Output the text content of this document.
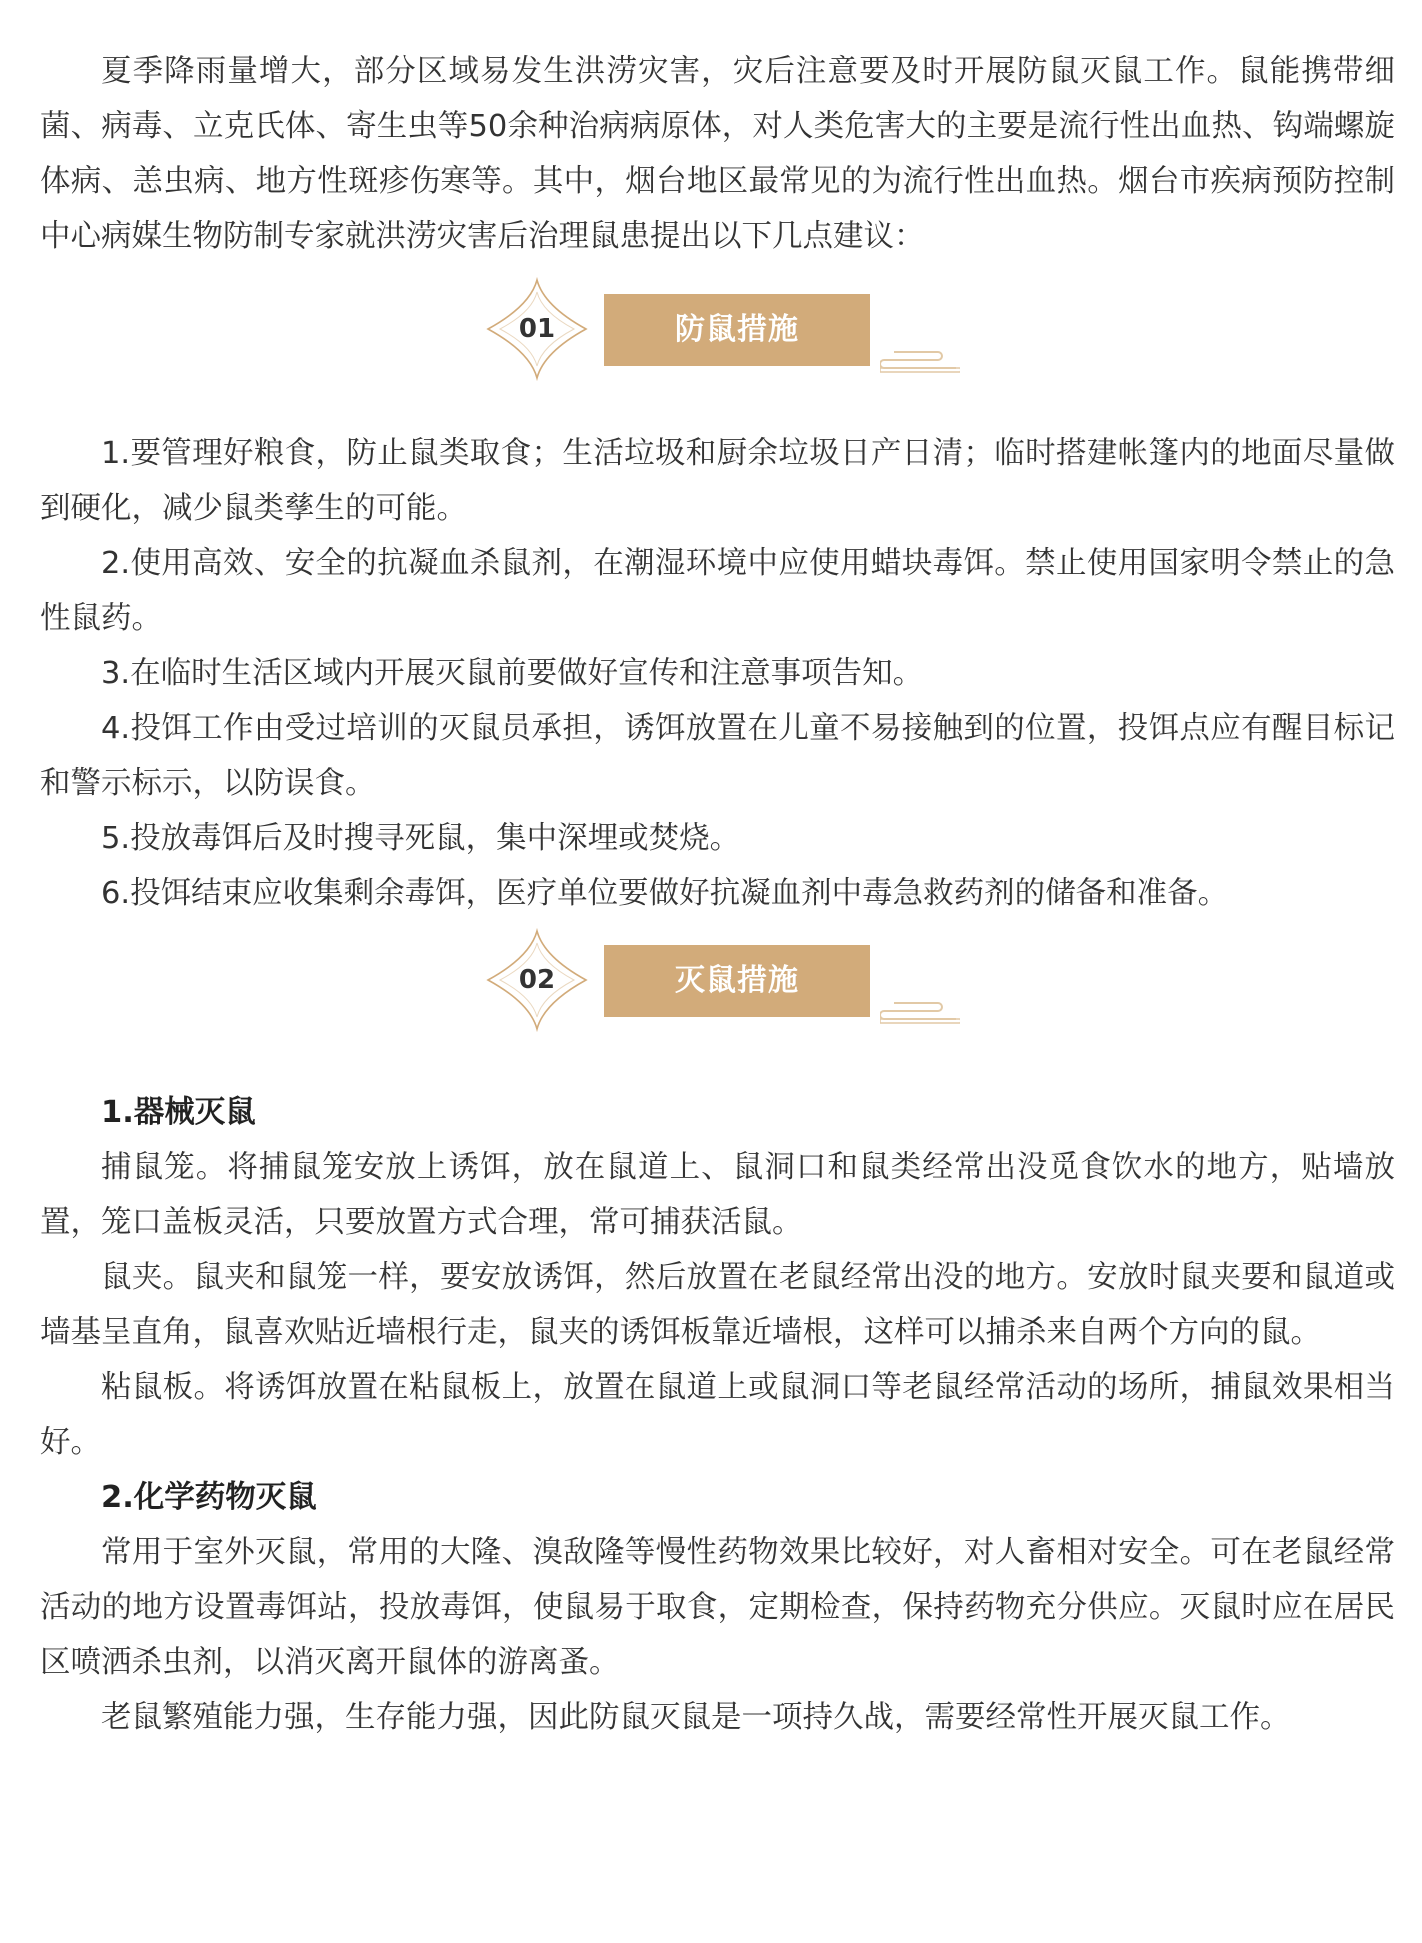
夏季降雨量增大，部分区域易发生洪涝灾害，灾后注意要及时开展防鼠灭鼠工作。鼠能携带细菌、病毒、立克氏体、寄生虫等50余种治病病原体，对人类危害大的主要是流行性出血热、钩端螺旋体病、恙虫病、地方性斑疹伤寒等。其中，烟台地区最常见的为流行性出血热。烟台市疾病预防控制中心病媒生物防制专家就洪涝灾害后治理鼠患提出以下几点建议：

01	防鼠措施

1.要管理好粮食，防止鼠类取食；生活垃圾和厨余垃圾日产日清；临时搭建帐篷内的地面尽量做到硬化，减少鼠类孳生的可能。

2.使用高效、安全的抗凝血杀鼠剂，在潮湿环境中应使用蜡块毒饵。禁止使用国家明令禁止的急性鼠药。

3.在临时生活区域内开展灭鼠前要做好宣传和注意事项告知。

4.投饵工作由受过培训的灭鼠员承担，诱饵放置在儿童不易接触到的位置，投饵点应有醒目标记和警示标示，以防误食。

5.投放毒饵后及时搜寻死鼠，集中深埋或焚烧。

6.投饵结束应收集剩余毒饵，医疗单位要做好抗凝血剂中毒急救药剂的储备和准备。

02	灭鼠措施

1.器械灭鼠

捕鼠笼。将捕鼠笼安放上诱饵，放在鼠道上、鼠洞口和鼠类经常出没觅食饮水的地方，贴墙放置，笼口盖板灵活，只要放置方式合理，常可捕获活鼠。

鼠夹。鼠夹和鼠笼一样，要安放诱饵，然后放置在老鼠经常出没的地方。安放时鼠夹要和鼠道或墙基呈直角，鼠喜欢贴近墙根行走，鼠夹的诱饵板靠近墙根，这样可以捕杀来自两个方向的鼠。

粘鼠板。将诱饵放置在粘鼠板上，放置在鼠道上或鼠洞口等老鼠经常活动的场所，捕鼠效果相当好。

2.化学药物灭鼠

常用于室外灭鼠，常用的大隆、溴敌隆等慢性药物效果比较好，对人畜相对安全。可在老鼠经常活动的地方设置毒饵站，投放毒饵，使鼠易于取食，定期检查，保持药物充分供应。灭鼠时应在居民区喷洒杀虫剂，以消灭离开鼠体的游离蚤。

老鼠繁殖能力强，生存能力强，因此防鼠灭鼠是一项持久战，需要经常性开展灭鼠工作。
